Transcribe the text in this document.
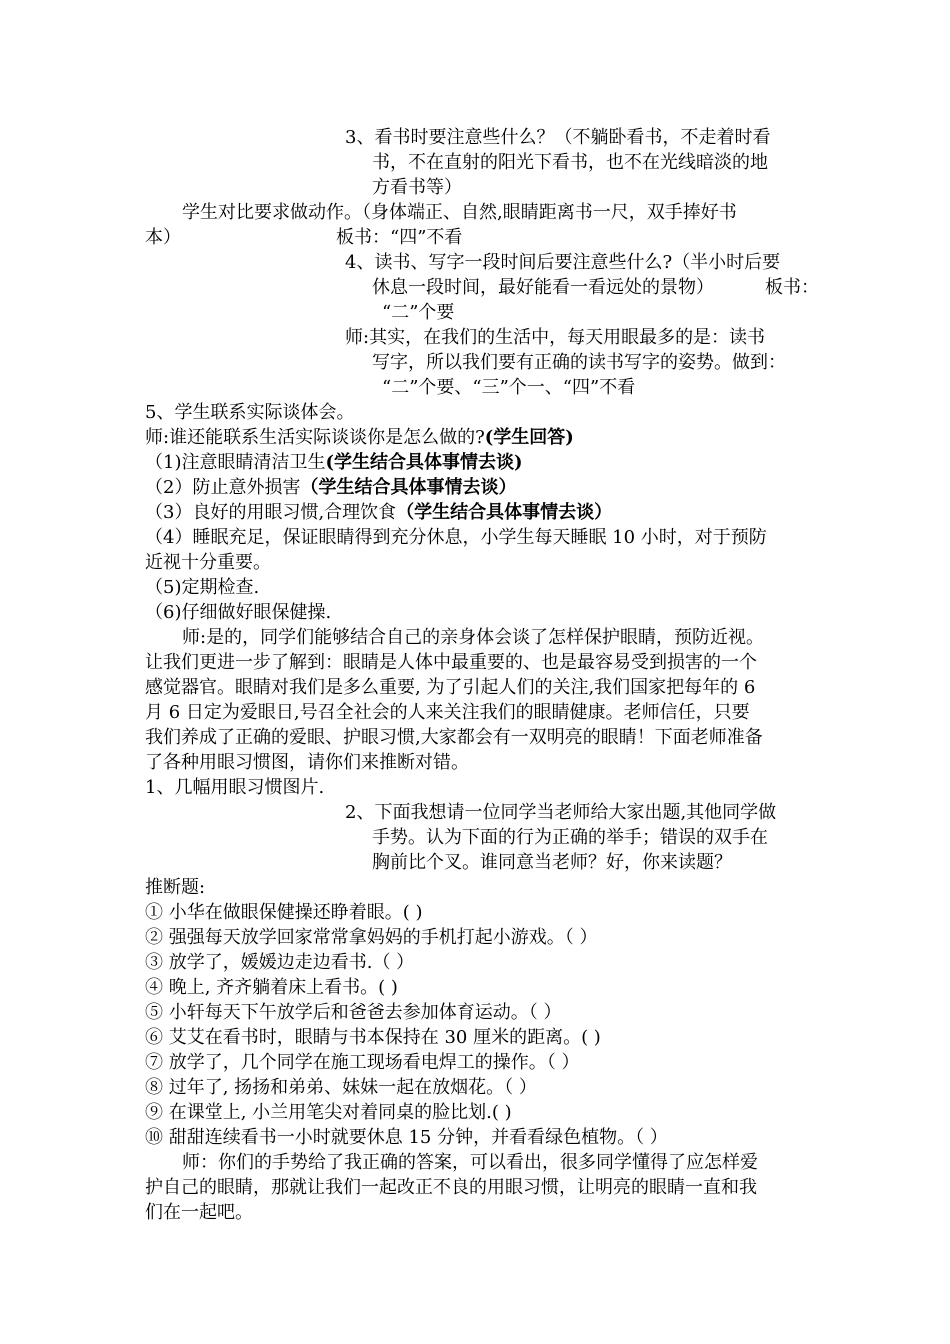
3、看书时要注意些什么？（不躺卧看书，不走着时看
书，不在直射的阳光下看书，也不在光线暗淡的地
方看书等）
学生对比要求做动作。（身体端正、自然,眼睛距离书一尺，双手捧好书
本）	板书：“四”不看
4、读书、写字一段时间后要注意些什么?（半小时后要
休息一段时间，最好能看一看远处的景物）	板书：
“二”个要
师:其实，在我们的生活中，每天用眼最多的是：读书
写字，所以我们要有正确的读书写字的姿势。做到：
“二”个要、“三”个一、“四”不看
5、学生联系实际谈体会。
师:谁还能联系生活实际谈谈你是怎么做的?(学生回答)
（1)注意眼睛清洁卫生(学生结合具体事情去谈)
（2）防止意外损害（学生结合具体事情去谈）
（3）良好的用眼习惯,合理饮食（学生结合具体事情去谈）
（4）睡眠充足，保证眼睛得到充分休息，小学生每天睡眠 10 小时，对于预防
近视十分重要。
（5)定期检查.
（6)仔细做好眼保健操.
师:是的，同学们能够结合自己的亲身体会谈了怎样保护眼睛，预防近视。
让我们更进一步了解到：眼睛是人体中最重要的、也是最容易受到损害的一个
感觉器官。眼睛对我们是多么重要, 为了引起人们的关注,我们国家把每年的 6
月 6 日定为爱眼日,号召全社会的人来关注我们的眼睛健康。老师信任，只要
我们养成了正确的爱眼、护眼习惯,大家都会有一双明亮的眼睛！下面老师准备
了各种用眼习惯图，请你们来推断对错。
1、几幅用眼习惯图片.
2、下面我想请一位同学当老师给大家出题,其他同学做
手势。认为下面的行为正确的举手；错误的双手在
胸前比个叉。谁同意当老师？好，你来读题？
推断题:
① 小华在做眼保健操还睁着眼。( )
② 强强每天放学回家常常拿妈妈的手机打起小游戏。（ ）
③ 放学了，媛媛边走边看书.（ ）
④ 晚上, 齐齐躺着床上看书。( )
⑤ 小轩每天下午放学后和爸爸去参加体育运动。（ ）
⑥ 艾艾在看书时，眼睛与书本保持在 30 厘米的距离。( )
⑦ 放学了，几个同学在施工现场看电焊工的操作。（ ）
⑧ 过年了, 扬扬和弟弟、妹妹一起在放烟花。（ ）
⑨ 在课堂上, 小兰用笔尖对着同桌的脸比划.( )
⑩ 甜甜连续看书一小时就要休息 15 分钟，并看看绿色植物。（ ）
师：你们的手势给了我正确的答案，可以看出，很多同学懂得了应怎样爱
护自己的眼睛，那就让我们一起改正不良的用眼习惯，让明亮的眼睛一直和我
们在一起吧。
